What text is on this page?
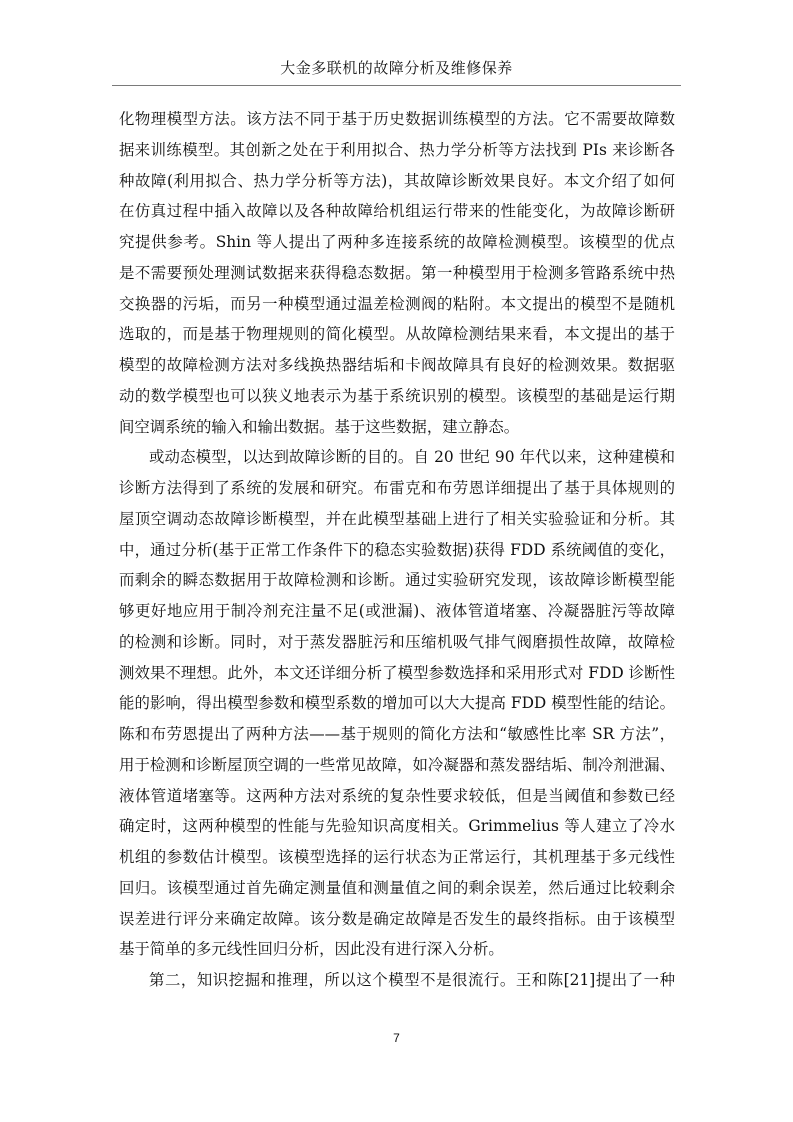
大金多联机的故障分析及维修保养
化物理模型方法。该方法不同于基于历史数据训练模型的方法。它不需要故障数
据来训练模型。其创新之处在于利用拟合、热力学分析等方法找到 PIs 来诊断各
种故障(利用拟合、热力学分析等方法)，其故障诊断效果良好。本文介绍了如何
在仿真过程中插入故障以及各种故障给机组运行带来的性能变化，为故障诊断研
究提供参考。Shin 等人提出了两种多连接系统的故障检测模型。该模型的优点
是不需要预处理测试数据来获得稳态数据。第一种模型用于检测多管路系统中热
交换器的污垢，而另一种模型通过温差检测阀的粘附。本文提出的模型不是随机
选取的，而是基于物理规则的简化模型。从故障检测结果来看，本文提出的基于
模型的故障检测方法对多线换热器结垢和卡阀故障具有良好的检测效果。数据驱
动的数学模型也可以狭义地表示为基于系统识别的模型。该模型的基础是运行期
间空调系统的输入和输出数据。基于这些数据，建立静态。
或动态模型，以达到故障诊断的目的。自 20 世纪 90 年代以来，这种建模和
诊断方法得到了系统的发展和研究。布雷克和布劳恩详细提出了基于具体规则的
屋顶空调动态故障诊断模型，并在此模型基础上进行了相关实验验证和分析。其
中，通过分析(基于正常工作条件下的稳态实验数据)获得 FDD 系统阈值的变化，
而剩余的瞬态数据用于故障检测和诊断。通过实验研究发现，该故障诊断模型能
够更好地应用于制冷剂充注量不足(或泄漏)、液体管道堵塞、冷凝器脏污等故障
的检测和诊断。同时，对于蒸发器脏污和压缩机吸气排气阀磨损性故障，故障检
测效果不理想。此外，本文还详细分析了模型参数选择和采用形式对 FDD 诊断性
能的影响，得出模型参数和模型系数的增加可以大大提高 FDD 模型性能的结论。
陈和布劳恩提出了两种方法——基于规则的简化方法和“敏感性比率 SR 方法”，
用于检测和诊断屋顶空调的一些常见故障，如冷凝器和蒸发器结垢、制冷剂泄漏、
液体管道堵塞等。这两种方法对系统的复杂性要求较低，但是当阈值和参数已经
确定时，这两种模型的性能与先验知识高度相关。Grimmelius 等人建立了冷水
机组的参数估计模型。该模型选择的运行状态为正常运行，其机理基于多元线性
回归。该模型通过首先确定测量值和测量值之间的剩余误差，然后通过比较剩余
误差进行评分来确定故障。该分数是确定故障是否发生的最终指标。由于该模型
基于简单的多元线性回归分析，因此没有进行深入分析。
第二，知识挖掘和推理，所以这个模型不是很流行。王和陈[21]提出了一种
7
